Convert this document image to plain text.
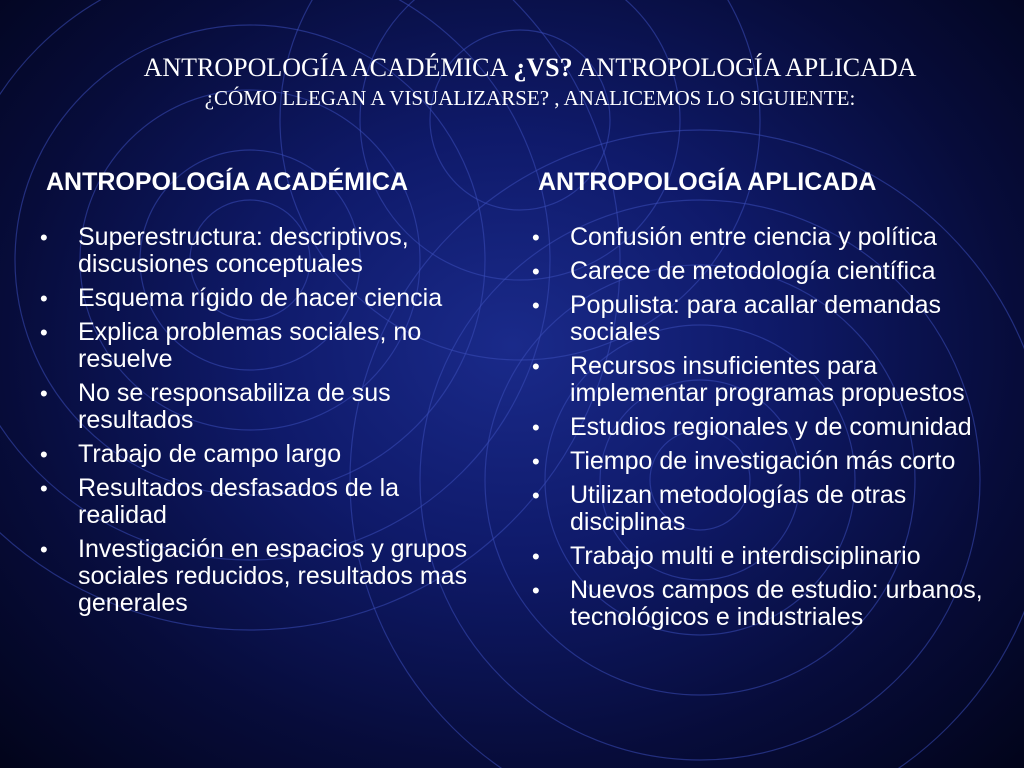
ANTROPOLOGÍA ACADÉMICA ¿VS? ANTROPOLOGÍA APLICADA
¿CÓMO LLEGAN A VISUALIZARSE? , ANALICEMOS LO SIGUIENTE:
ANTROPOLOGÍA ACADÉMICA
• Superestructura: descriptivos, discusiones conceptuales
• Esquema rígido de hacer ciencia
• Explica problemas sociales, no resuelve
• No se responsabiliza de sus resultados
• Trabajo de campo largo
• Resultados desfasados de la realidad
• Investigación en espacios y grupos sociales reducidos, resultados mas generales
ANTROPOLOGÍA APLICADA
• Confusión entre ciencia y política
• Carece de metodología científica
• Populista: para acallar demandas sociales
• Recursos insuficientes para implementar programas propuestos
• Estudios regionales y de comunidad
• Tiempo de investigación más corto
• Utilizan metodologías de otras disciplinas
• Trabajo multi e interdisciplinario
• Nuevos campos de estudio: urbanos, tecnológicos e industriales
